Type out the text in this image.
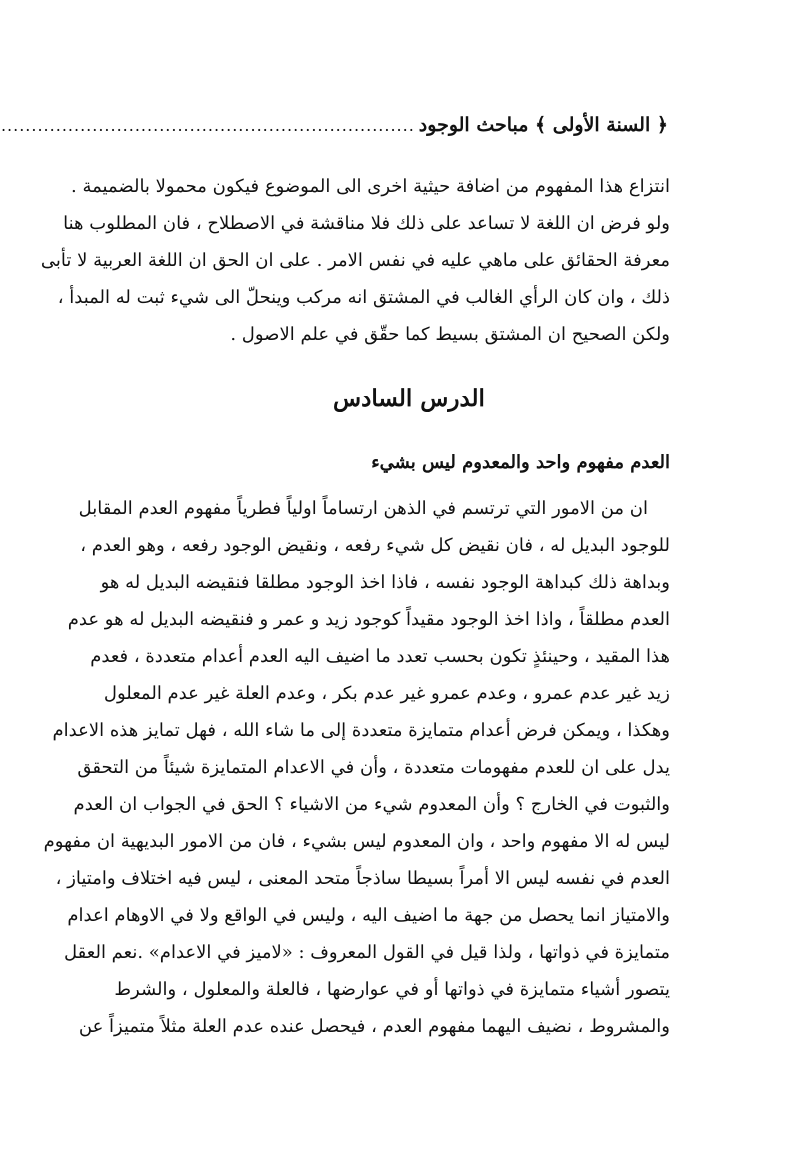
﴿ السنة الأولى ﴾ مباحث الوجود
.....
انتزاع هذا المفهوم من اضافة حيثية اخرى الى الموضوع فيكون محمولا بالضميمة .
ولو فرض ان اللغة لا تساعد على ذلك فلا مناقشة في الاصطلاح ، فان المطلوب هنا
معرفة الحقائق على ماهي عليه في نفس الامر . على ان الحق ان اللغة العربية لا تأبى
ذلك ، وان كان الرأي الغالب في المشتق انه مركب وينحلّ الى شيء ثبت له المبدأ ،
ولكن الصحيح ان المشتق بسيط كما حقّق في علم الاصول .
الدرس السادس
العدم مفهوم واحد والمعدوم ليس بشيء
ان من الامور التي ترتسم في الذهن ارتساماً اولياً فطرياً مفهوم العدم المقابل
للوجود البديل له ، فان نقيض كل شيء رفعه ، ونقيض الوجود رفعه ، وهو العدم ،
وبداهة ذلك كبداهة الوجود نفسه ، فاذا اخذ الوجود مطلقا فنقيضه البديل له هو
العدم مطلقاً ، واذا اخذ الوجود مقيداً كوجود زيد و عمر و فنقيضه البديل له هو عدم
هذا المقيد ، وحينئذٍ تكون بحسب تعدد ما اضيف اليه العدم أعدام متعددة ، فعدم
زيد غير عدم عمرو ، وعدم عمرو غير عدم بكر ، وعدم العلة غير عدم المعلول
وهكذا ، ويمكن فرض أعدام متمايزة متعددة إلى ما شاء الله ، فهل تمايز هذه الاعدام
يدل على ان للعدم مفهومات متعددة ، وأن في الاعدام المتمايزة شيئاً من التحقق
والثبوت في الخارج ؟ وأن المعدوم شيء من الاشياء ؟ الحق في الجواب ان العدم
ليس له الا مفهوم واحد ، وان المعدوم ليس بشيء ، فان من الامور البديهية ان مفهوم
العدم في نفسه ليس الا أمراً بسيطا ساذجاً متحد المعنى ، ليس فيه اختلاف وامتياز ،
والامتياز انما يحصل من جهة ما اضيف اليه ، وليس في الواقع ولا في الاوهام اعدام
متمايزة في ذواتها ، ولذا قيل في القول المعروف : «لاميز في الاعدام» .نعم العقل
يتصور أشياء متمايزة في ذواتها أو في عوارضها ، فالعلة والمعلول ، والشرط
والمشروط ، نضيف اليهما مفهوم العدم ، فيحصل عنده عدم العلة مثلاً متميزاً عن
